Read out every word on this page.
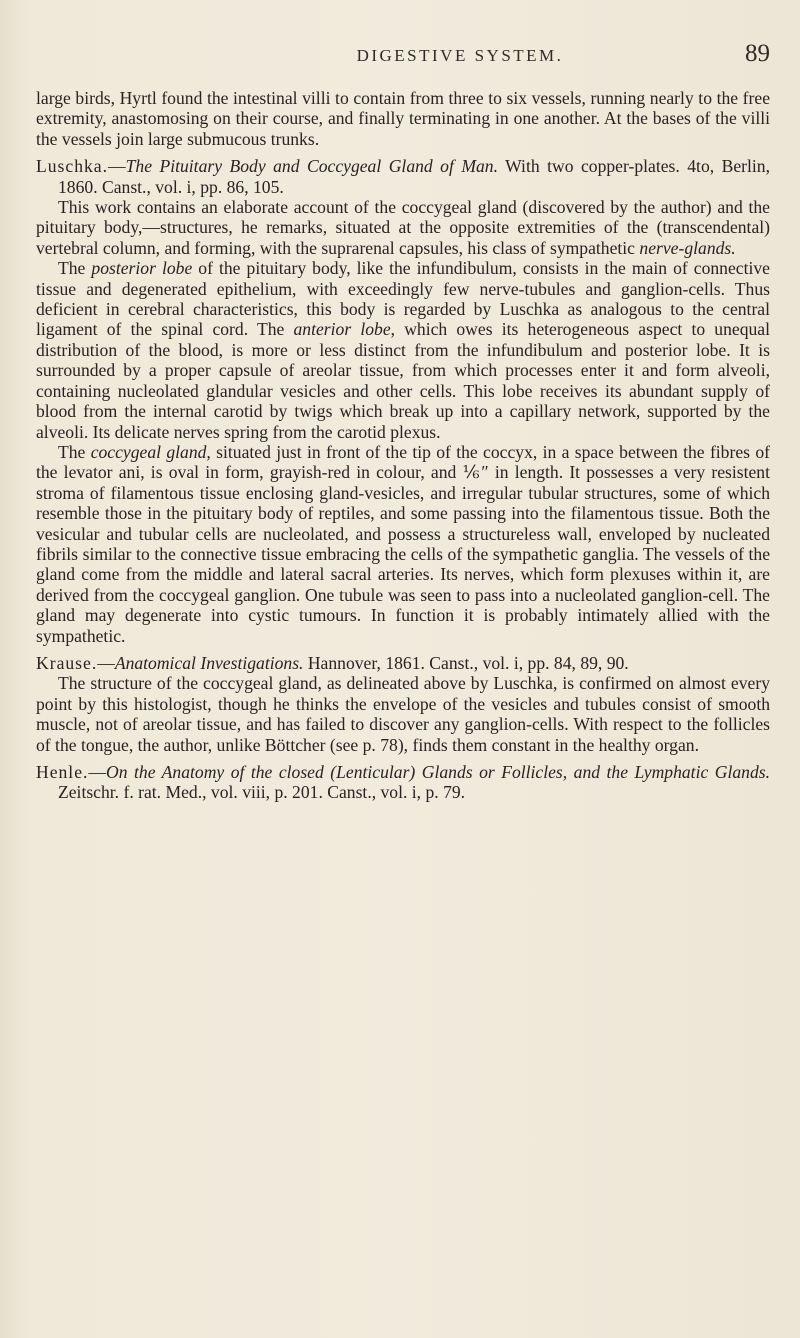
DIGESTIVE SYSTEM.	89

large birds, Hyrtl found the intestinal villi to contain from three to six vessels, running nearly to the free extremity, anastomosing on their course, and finally terminating in one another. At the bases of the villi the vessels join large submucous trunks.

Luschka.—The Pituitary Body and Coccygeal Gland of Man. With two copper-plates. 4to, Berlin, 1860. Canst., vol. i, pp. 86, 105.

This work contains an elaborate account of the coccygeal gland (discovered by the author) and the pituitary body,—structures, he remarks, situated at the opposite extremities of the (transcendental) vertebral column, and forming, with the suprarenal capsules, his class of sympathetic nerve-glands.

The posterior lobe of the pituitary body, like the infundibulum, consists in the main of connective tissue and degenerated epithelium, with exceedingly few nerve-tubules and ganglion-cells. Thus deficient in cerebral characteristics, this body is regarded by Luschka as analogous to the central ligament of the spinal cord. The anterior lobe, which owes its heterogeneous aspect to unequal distribution of the blood, is more or less distinct from the infundibulum and posterior lobe. It is surrounded by a proper capsule of areolar tissue, from which processes enter it and form alveoli, containing nucleolated glandular vesicles and other cells. This lobe receives its abundant supply of blood from the internal carotid by twigs which break up into a capillary network, supported by the alveoli. Its delicate nerves spring from the carotid plexus.

The coccygeal gland, situated just in front of the tip of the coccyx, in a space between the fibres of the levator ani, is oval in form, grayish-red in colour, and ⅙″ in length. It possesses a very resistent stroma of filamentous tissue enclosing gland-vesicles, and irregular tubular structures, some of which resemble those in the pituitary body of reptiles, and some passing into the filamentous tissue. Both the vesicular and tubular cells are nucleolated, and possess a structureless wall, enveloped by nucleated fibrils similar to the connective tissue embracing the cells of the sympathetic ganglia. The vessels of the gland come from the middle and lateral sacral arteries. Its nerves, which form plexuses within it, are derived from the coccygeal ganglion. One tubule was seen to pass into a nucleolated ganglion-cell. The gland may degenerate into cystic tumours. In function it is probably intimately allied with the sympathetic.

Krause.—Anatomical Investigations. Hannover, 1861. Canst., vol. i, pp. 84, 89, 90.

The structure of the coccygeal gland, as delineated above by Luschka, is confirmed on almost every point by this histologist, though he thinks the envelope of the vesicles and tubules consist of smooth muscle, not of areolar tissue, and has failed to discover any ganglion-cells. With respect to the follicles of the tongue, the author, unlike Böttcher (see p. 78), finds them constant in the healthy organ.

Henle.—On the Anatomy of the closed (Lenticular) Glands or Follicles, and the Lymphatic Glands. Zeitschr. f. rat. Med., vol. viii, p. 201. Canst., vol. i, p. 79.
